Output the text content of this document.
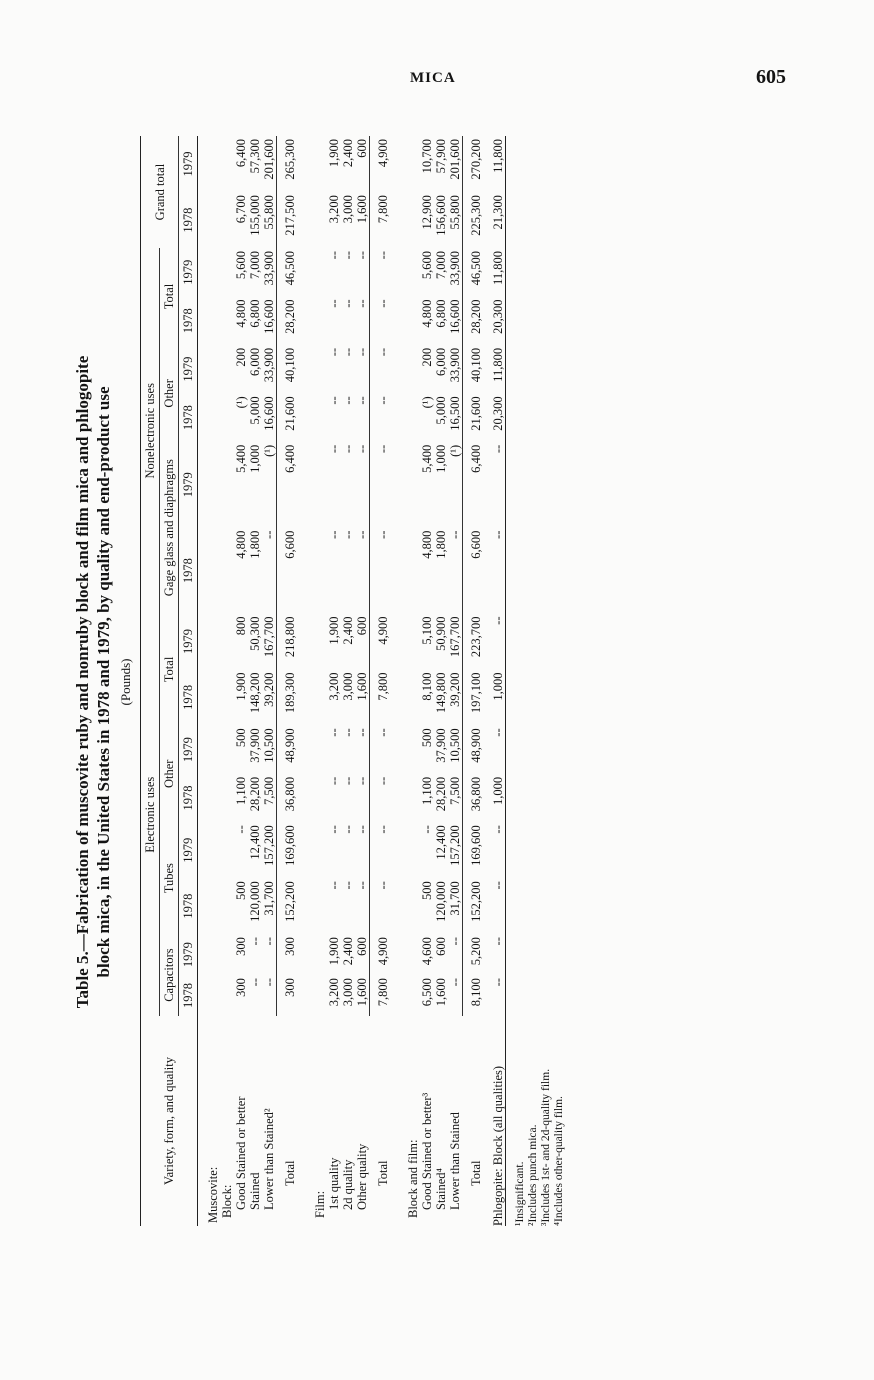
MICA	605

Table 5.—Fabrication of muscovite ruby and nonruby block and film mica and phlogopite block mica, in the United States in 1978 and 1979, by quality and end-product use (Pounds)

Variety, form, and quality	Electronic uses								Nonelectronic uses						Grand total	
	Capacitors		Tubes		Other		Total		Gage glass and diaphragms		Other		Total			
	1978	1979	1978	1979	1978	1979	1978	1979	1978	1979	1978	1979	1978	1979	1978	1979
Muscovite:																
Block:																
Good Stained or better	300	300	500	--	1,100	500	1,900	800	4,800	5,400	(¹)	200	4,800	5,600	6,700	6,400
Stained	--	--	120,000	12,400	28,200	37,900	148,200	50,300	1,800	1,000	5,000	6,000	6,800	7,000	155,000	57,300
Lower than Stained²	--	--	31,700	157,200	7,500	10,500	39,200	167,700	--	(¹)	16,600	33,900	16,600	33,900	55,800	201,600
Total	300	300	152,200	169,600	36,800	48,900	189,300	218,800	6,600	6,400	21,600	40,100	28,200	46,500	217,500	265,300
Film:																
1st quality	3,200	1,900	--	--	--	--	3,200	1,900	--	--	--	--	--	--	3,200	1,900
2d quality	3,000	2,400	--	--	--	--	3,000	2,400	--	--	--	--	--	--	3,000	2,400
Other quality	1,600	600	--	--	--	--	1,600	600	--	--	--	--	--	--	1,600	600
Total	7,800	4,900	--	--	--	--	7,800	4,900	--	--	--	--	--	--	7,800	4,900
Block and film:																
Good Stained or better³	6,500	4,600	500	--	1,100	500	8,100	5,100	4,800	5,400	(¹)	200	4,800	5,600	12,900	10,700
Stained⁴	1,600	600	120,000	12,400	28,200	37,900	149,800	50,900	1,800	1,000	5,000	6,000	6,800	7,000	156,600	57,900
Lower than Stained	--	--	31,700	157,200	7,500	10,500	39,200	167,700	--	(¹)	16,500	33,900	16,600	33,900	55,800	201,600
Total	8,100	5,200	152,200	169,600	36,800	48,900	197,100	223,700	6,600	6,400	21,600	40,100	28,200	46,500	225,300	270,200
Phlogopite: Block (all qualities)	--	--	--	--	1,000	--	1,000	--	--	--	20,300	11,800	20,300	11,800	21,300	11,800
¹Insignificant. ²Includes punch mica. ³Includes 1st- and 2d-quality film. ⁴Includes other-quality film.
